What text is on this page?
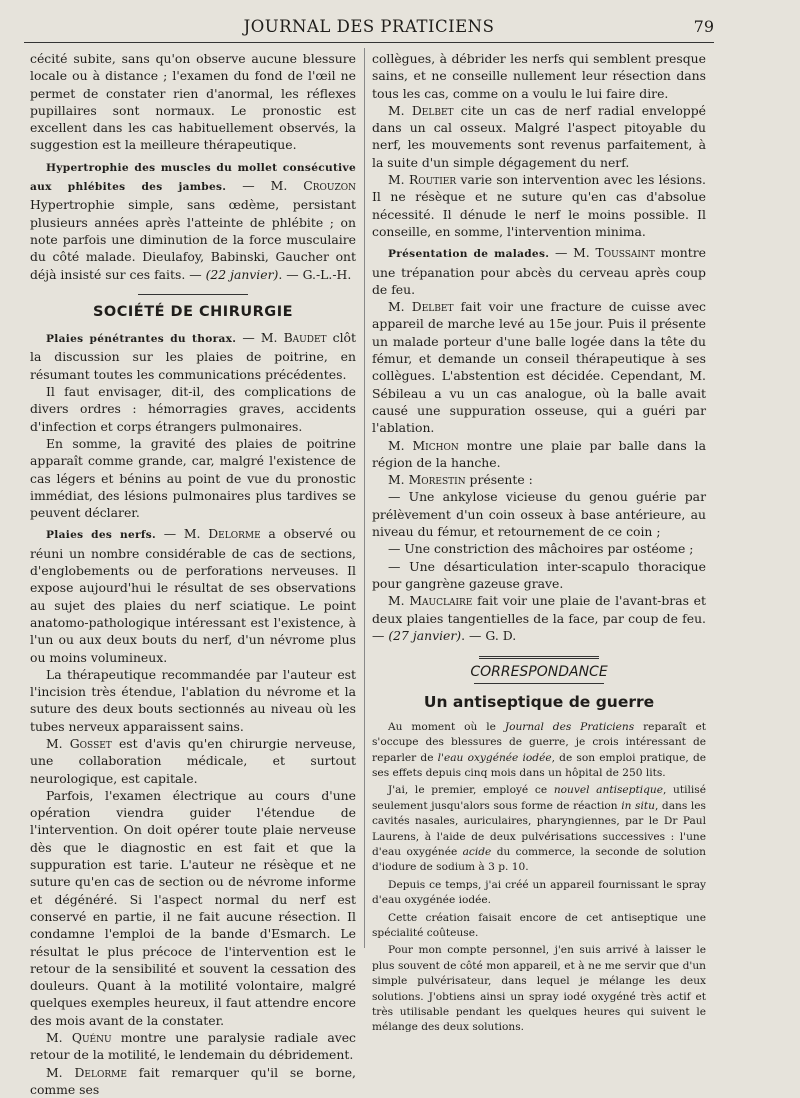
JOURNAL DES PRATICIENS	79

cécité subite, sans qu'on observe aucune blessure locale ou à distance ; l'examen du fond de l'œil ne permet de constater rien d'anormal, les réflexes pupillaires sont normaux. Le pronostic est excellent dans les cas habituellement observés, la suggestion est la meilleure thérapeutique.

Hypertrophie des muscles du mollet consécutive aux phlébites des jambes. — M. Crouzon Hypertrophie simple, sans œdème, persistant plusieurs années après l'atteinte de phlébite ; on note parfois une diminution de la force musculaire du côté malade. Dieulafoy, Babinski, Gaucher ont déjà insisté sur ces faits. — (22 janvier). — G.-L.-H.

SOCIÉTÉ DE CHIRURGIE

Plaies pénétrantes du thorax. — M. Baudet clôt la discussion sur les plaies de poitrine, en résumant toutes les communications précédentes.

Il faut envisager, dit-il, des complications de divers ordres : hémorragies graves, accidents d'infection et corps étrangers pulmonaires.

En somme, la gravité des plaies de poitrine apparaît comme grande, car, malgré l'existence de cas légers et bénins au point de vue du pronostic immédiat, des lésions pulmonaires plus tardives se peuvent déclarer.

Plaies des nerfs. — M. Delorme a observé ou réuni un nombre considérable de cas de sections, d'englobements ou de perforations nerveuses. Il expose aujourd'hui le résultat de ses observations au sujet des plaies du nerf sciatique. Le point anatomo-pathologique intéressant est l'existence, à l'un ou aux deux bouts du nerf, d'un névrome plus ou moins volumineux.

La thérapeutique recommandée par l'auteur est l'incision très étendue, l'ablation du névrome et la suture des deux bouts sectionnés au niveau où les tubes nerveux apparaissent sains.

M. Gosset est d'avis qu'en chirurgie nerveuse, une collaboration médicale, et surtout neurologique, est capitale.

Parfois, l'examen électrique au cours d'une opération viendra guider l'étendue de l'intervention. On doit opérer toute plaie nerveuse dès que le diagnostic en est fait et que la suppuration est tarie. L'auteur ne résèque et ne suture qu'en cas de section ou de névrome informe et dégénéré. Si l'aspect normal du nerf est conservé en partie, il ne fait aucune résection. Il condamne l'emploi de la bande d'Esmarch. Le résultat le plus précoce de l'intervention est le retour de la sensibilité et souvent la cessation des douleurs. Quant à la motilité volontaire, malgré quelques exemples heureux, il faut attendre encore des mois avant de la constater.

M. Quénu montre une paralysie radiale avec retour de la motilité, le lendemain du débridement.

M. Delorme fait remarquer qu'il se borne, comme ses

collègues, à débrider les nerfs qui semblent presque sains, et ne conseille nullement leur résection dans tous les cas, comme on a voulu le lui faire dire.

M. Delbet cite un cas de nerf radial enveloppé dans un cal osseux. Malgré l'aspect pitoyable du nerf, les mouvements sont revenus parfaitement, à la suite d'un simple dégagement du nerf.

M. Routier varie son intervention avec les lésions. Il ne résèque et ne suture qu'en cas d'absolue nécessité. Il dénude le nerf le moins possible. Il conseille, en somme, l'intervention minima.

Présentation de malades. — M. Toussaint montre une trépanation pour abcès du cerveau après coup de feu.

M. Delbet fait voir une fracture de cuisse avec appareil de marche levé au 15e jour. Puis il présente un malade porteur d'une balle logée dans la tête du fémur, et demande un conseil thérapeutique à ses collègues. L'abstention est décidée. Cependant, M. Sébileau a vu un cas analogue, où la balle avait causé une suppuration osseuse, qui a guéri par l'ablation.

M. Michon montre une plaie par balle dans la région de la hanche.

M. Morestin présente :

— Une ankylose vicieuse du genou guérie par prélèvement d'un coin osseux à base antérieure, au niveau du fémur, et retournement de ce coin ;

— Une constriction des mâchoires par ostéome ;

— Une désarticulation inter-scapulo thoracique pour gangrène gazeuse grave.

M. Mauclaire fait voir une plaie de l'avant-bras et deux plaies tangentielles de la face, par coup de feu. — (27 janvier). — G. D.

CORRESPONDANCE
Un antiseptique de guerre

Au moment où le Journal des Praticiens reparaît et s'occupe des blessures de guerre, je crois intéressant de reparler de l'eau oxygénée iodée, de son emploi pratique, de ses effets depuis cinq mois dans un hôpital de 250 lits.

J'ai, le premier, employé ce nouvel antiseptique, utilisé seulement jusqu'alors sous forme de réaction in situ, dans les cavités nasales, auriculaires, pharyngiennes, par le Dr Paul Laurens, à l'aide de deux pulvérisations successives : l'une d'eau oxygénée acide du commerce, la seconde de solution d'iodure de sodium à 3 p. 10.

Depuis ce temps, j'ai créé un appareil fournissant le spray d'eau oxygénée iodée.

Cette création faisait encore de cet antiseptique une spécialité coûteuse.

Pour mon compte personnel, j'en suis arrivé à laisser le plus souvent de côté mon appareil, et à ne me servir que d'un simple pulvérisateur, dans lequel je mélange les deux solutions. J'obtiens ainsi un spray iodé oxygéné très actif et très utilisable pendant les quelques heures qui suivent le mélange des deux solutions.
